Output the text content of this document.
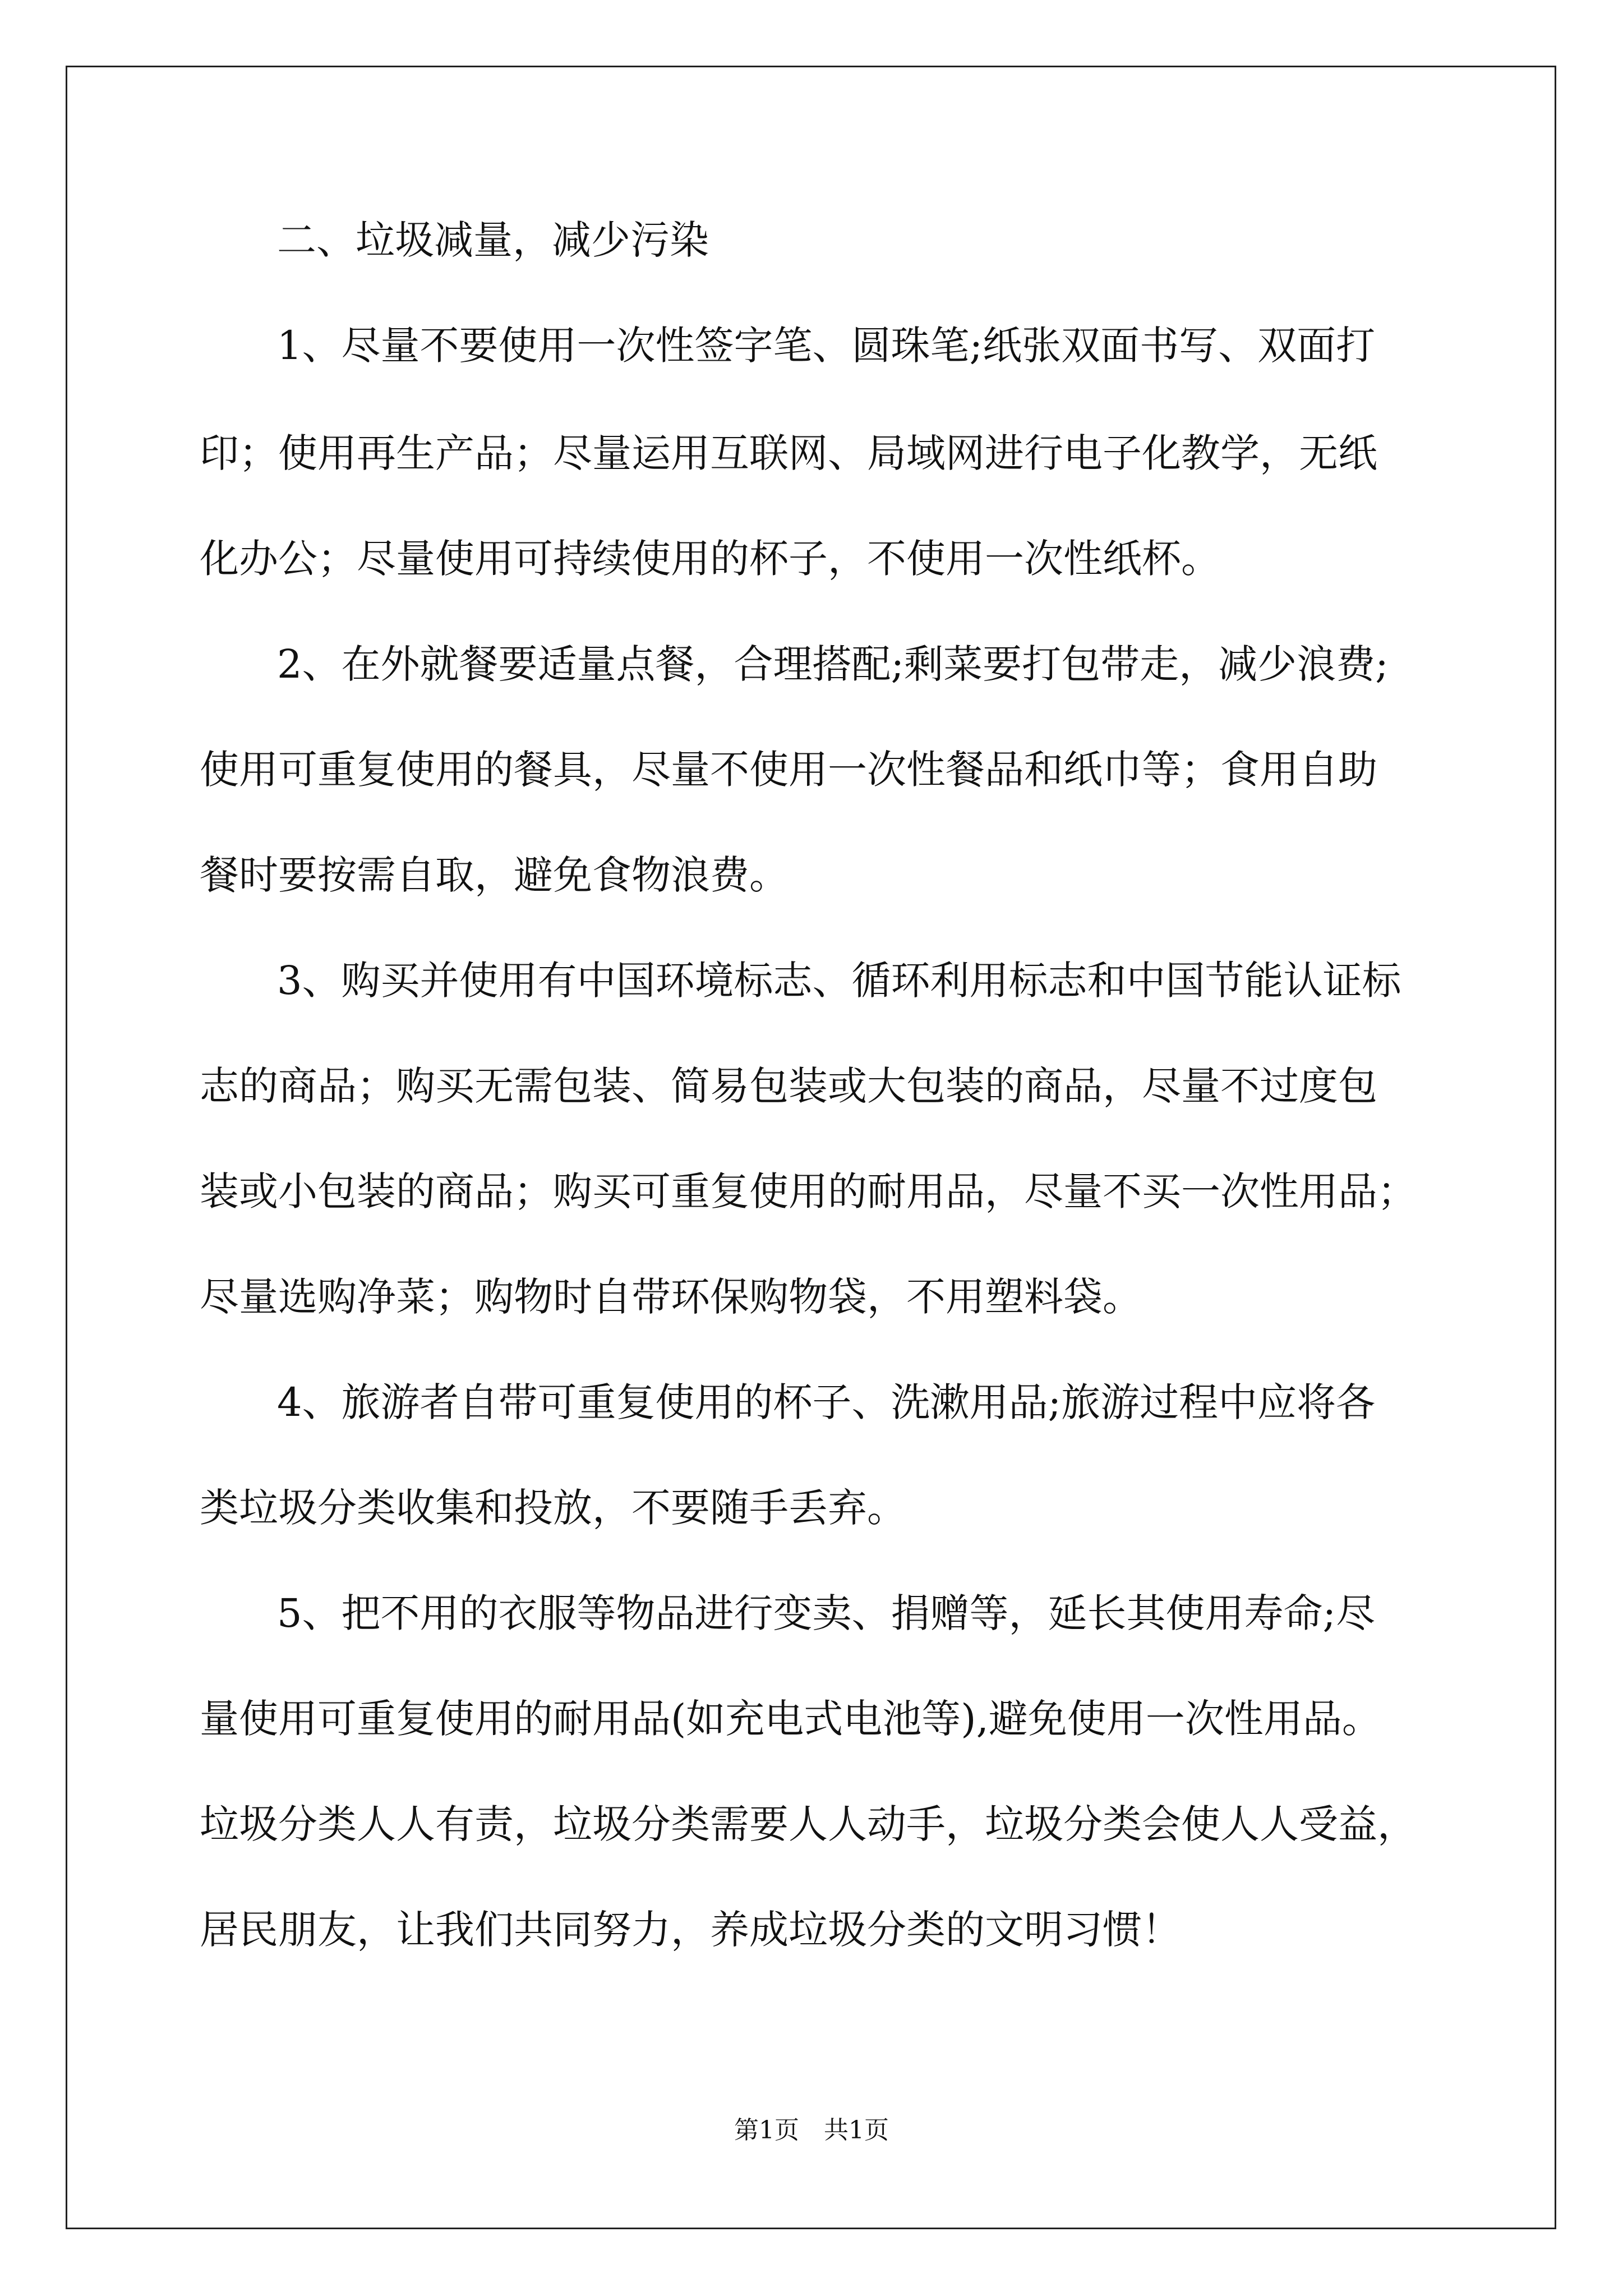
二、垃圾减量，减少污染
1、尽量不要使用一次性签字笔、圆珠笔;纸张双面书写、双面打
印；使用再生产品；尽量运用互联网、局域网进行电子化教学，无纸
化办公；尽量使用可持续使用的杯子，不使用一次性纸杯。
2、在外就餐要适量点餐，合理搭配;剩菜要打包带走，减少浪费;
使用可重复使用的餐具，尽量不使用一次性餐品和纸巾等；食用自助
餐时要按需自取，避免食物浪费。
3、购买并使用有中国环境标志、循环利用标志和中国节能认证标
志的商品；购买无需包装、简易包装或大包装的商品，尽量不过度包
装或小包装的商品；购买可重复使用的耐用品，尽量不买一次性用品；
尽量选购净菜；购物时自带环保购物袋，不用塑料袋。
4、旅游者自带可重复使用的杯子、洗漱用品;旅游过程中应将各
类垃圾分类收集和投放，不要随手丢弃。
5、把不用的衣服等物品进行变卖、捐赠等，延长其使用寿命;尽
量使用可重复使用的耐用品(如充电式电池等),避免使用一次性用品。
垃圾分类人人有责，垃圾分类需要人人动手，垃圾分类会使人人受益，
居民朋友，让我们共同努力，养成垃圾分类的文明习惯！
第1页　共1页
